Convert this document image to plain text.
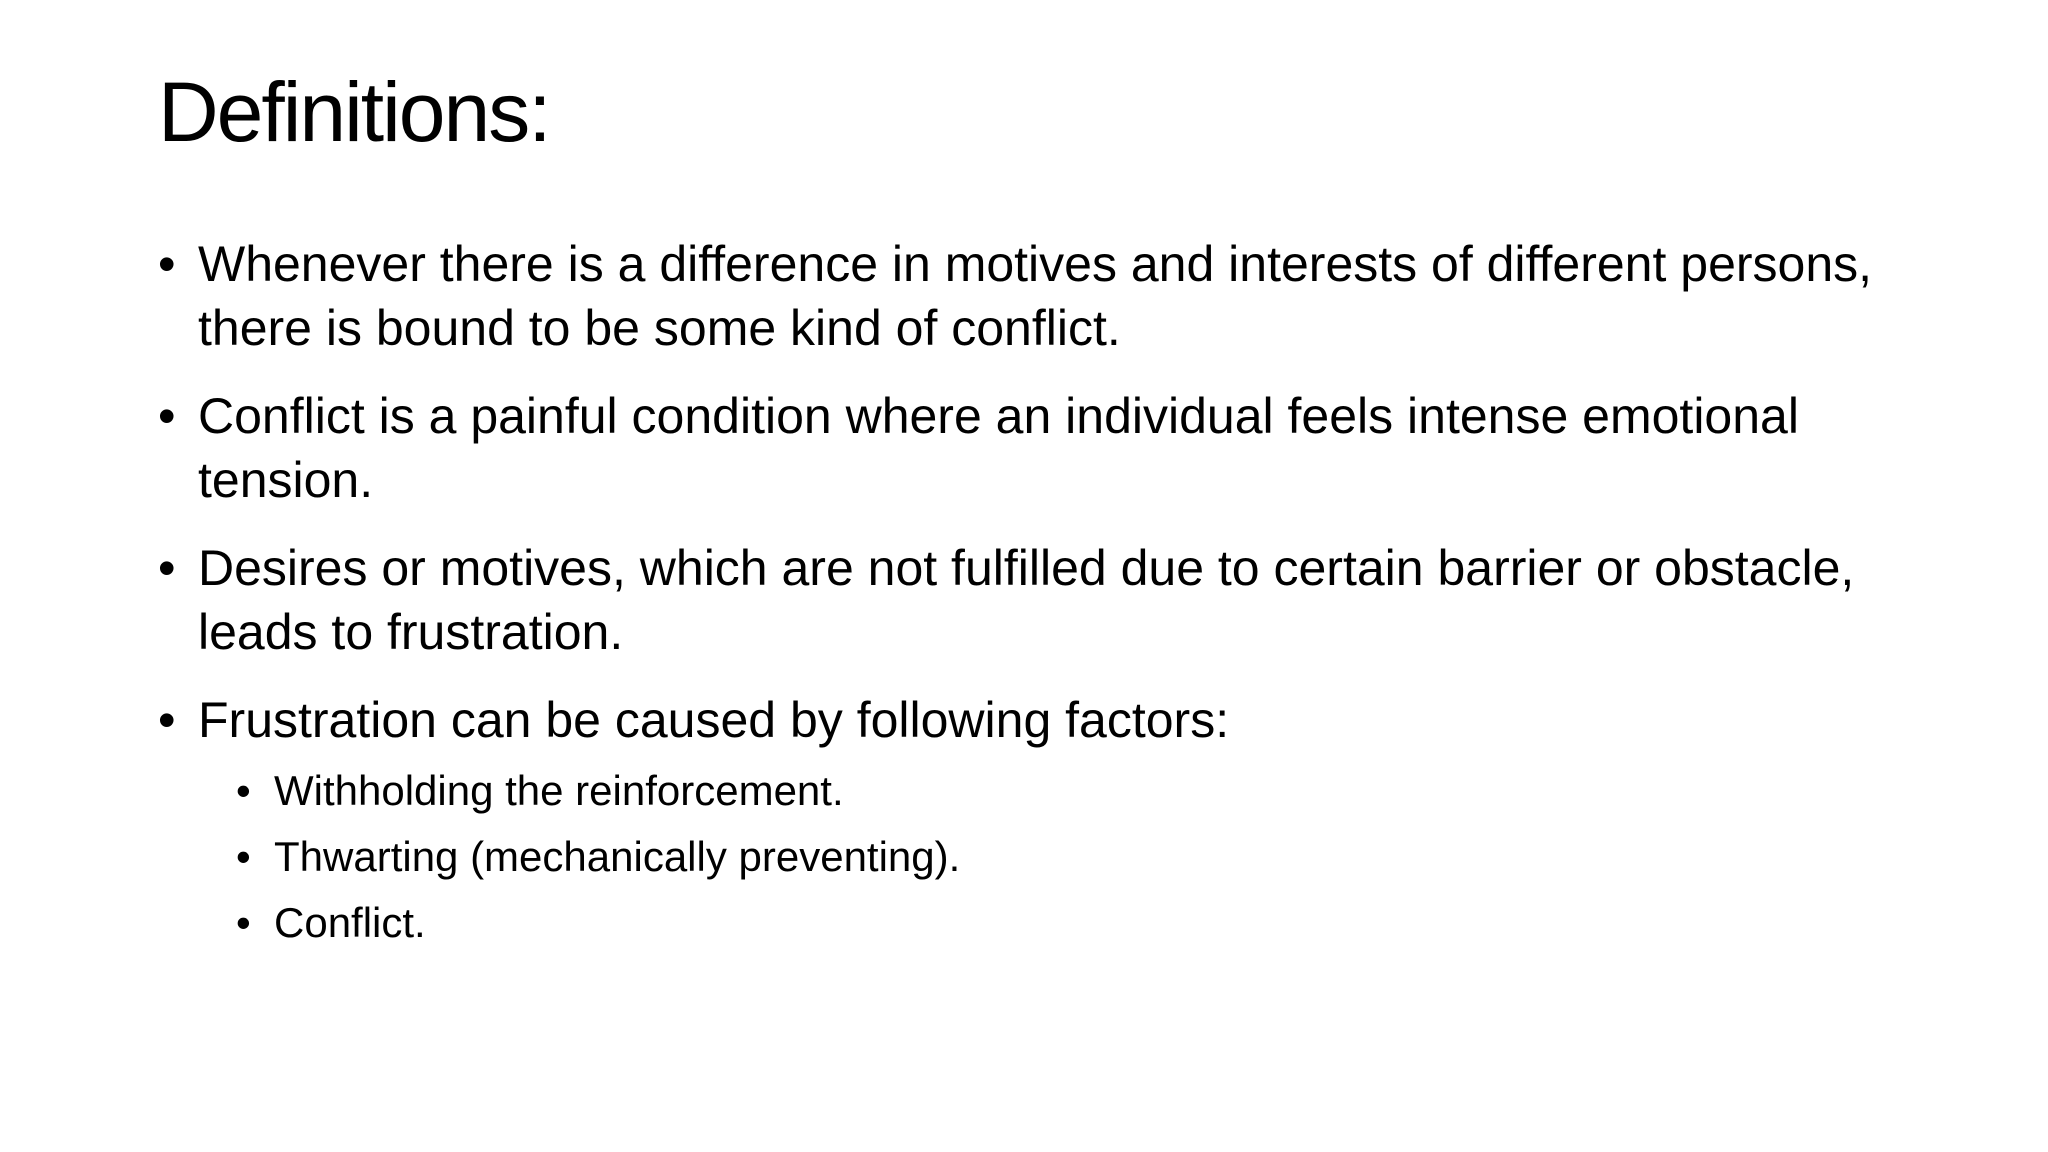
Definitions:
• Whenever there is a difference in motives and interests of different persons, there is bound to be some kind of conflict.
• Conflict is a painful condition where an individual feels intense emotional tension.
• Desires or motives, which are not fulfilled due to certain barrier or obstacle, leads to frustration.
• Frustration can be caused by following factors:
• Withholding the reinforcement.
• Thwarting (mechanically preventing).
• Conflict.
